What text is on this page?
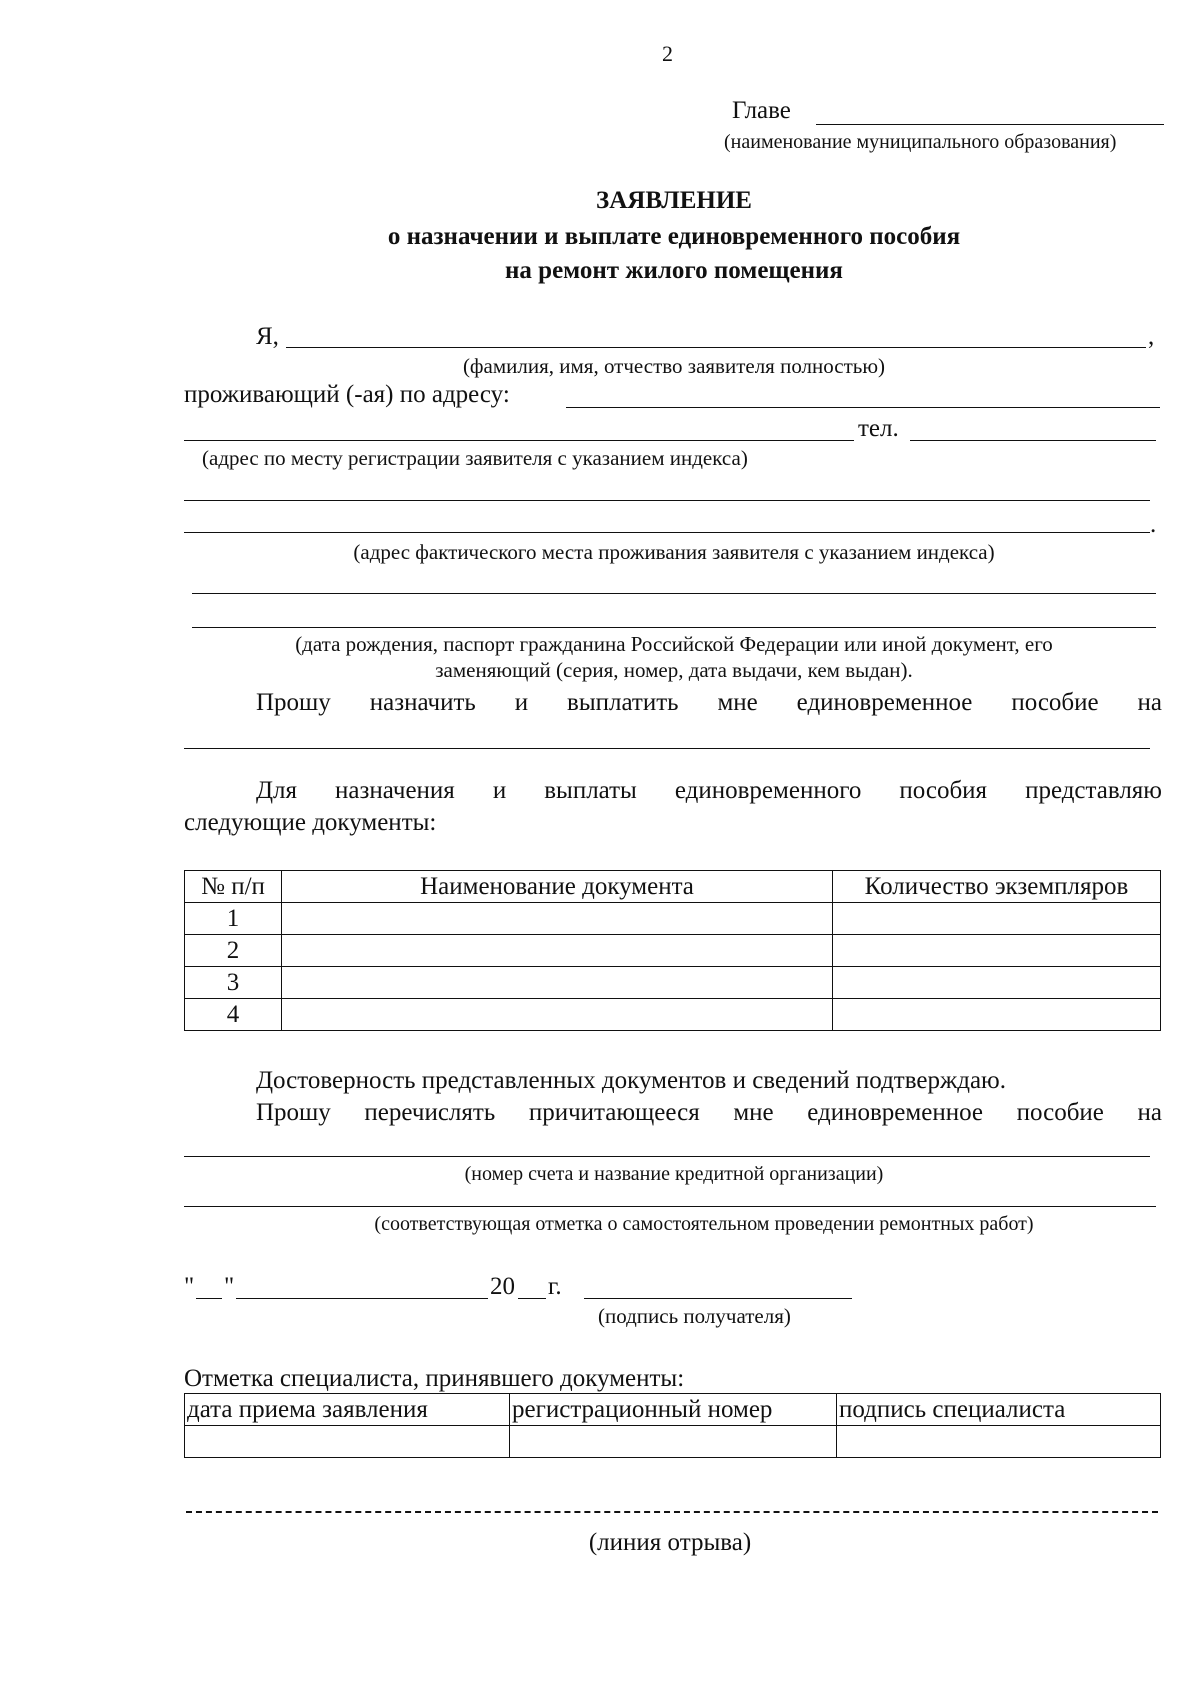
2
Главе
(наименование муниципального образования)
ЗАЯВЛЕНИЕ
о назначении и выплате единовременного пособия
на ремонт жилого помещения
Я,	,
(фамилия, имя, отчество заявителя полностью)
проживающий (-ая) по адресу:
тел.
(адрес по месту регистрации заявителя с указанием индекса)
.
(адрес фактического места проживания заявителя с указанием индекса)
(дата рождения, паспорт гражданина Российской Федерации или иной документ, его
заменяющий (серия, номер, дата выдачи, кем выдан).
Прошу назначить и выплатить мне единовременное пособие на
Для назначения и выплаты единовременного пособия представляю
следующие документы:
№ п/п	Наименование документа	Количество экземпляров
1		
2		
3		
4		
Достоверность представленных документов и сведений подтверждаю.
Прошу перечислять причитающееся мне единовременное пособие на
(номер счета и название кредитной организации)
(соответствующая отметка о самостоятельном проведении ремонтных работ)
" "	20 г.
(подпись получателя)
Отметка специалиста, принявшего документы:
дата приема заявления	регистрационный номер	подпись специалиста

(линия отрыва)
